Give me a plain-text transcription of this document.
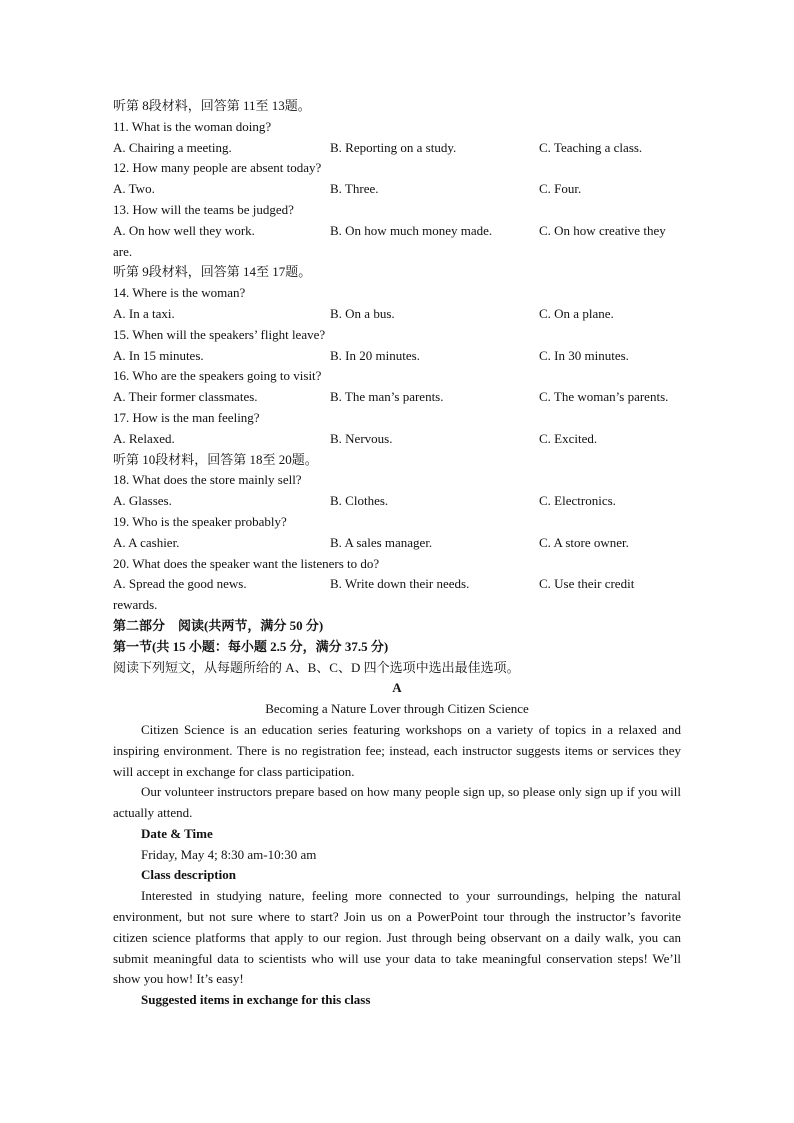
听第 8段材料，回答第 11至 13题。
11. What is the woman doing?
A. Chairing a meeting.	B. Reporting on a study.	C. Teaching a class.
12. How many people are absent today?
A. Two.	B. Three.	C. Four.
13. How will the teams be judged?
A. On how well they work.	B. On how much money made.	C. On how creative they
are.
听第 9段材料，回答第 14至 17题。
14. Where is the woman?
A. In a taxi.	B. On a bus.	C. On a plane.
15. When will the speakers’ flight leave?
A. In 15 minutes.	B. In 20 minutes.	C. In 30 minutes.
16. Who are the speakers going to visit?
A. Their former classmates.	B. The man’s parents.	C. The woman’s parents.
17. How is the man feeling?
A. Relaxed.	B. Nervous.	C. Excited.
听第 10段材料，回答第 18至 20题。
18. What does the store mainly sell?
A. Glasses.	B. Clothes.	C. Electronics.
19. Who is the speaker probably?
A. A cashier.	B. A sales manager.	C. A store owner.
20. What does the speaker want the listeners to do?
A. Spread the good news.	B. Write down their needs.	C. Use their credit
rewards.
第二部分　阅读(共两节，满分 50 分)
第一节(共 15 小题：每小题 2.5 分，满分 37.5 分)
阅读下列短文，从每题所给的 A、B、C、D 四个选项中选出最佳选项。
A
Becoming a Nature Lover through Citizen Science
Citizen Science is an education series featuring workshops on a variety of topics in a relaxed and inspiring environment. There is no registration fee; instead, each instructor suggests items or services they will accept in exchange for class participation.
Our volunteer instructors prepare based on how many people sign up, so please only sign up if you will actually attend.
Date & Time
Friday, May 4; 8:30 am-10:30 am
Class description
Interested in studying nature, feeling more connected to your surroundings, helping the natural environment, but not sure where to start? Join us on a PowerPoint tour through the instructor’s favorite citizen science platforms that apply to our region. Just through being observant on a daily walk, you can submit meaningful data to scientists who will use your data to take meaningful conservation steps! We’ll show you how! It’s easy!
Suggested items in exchange for this class
